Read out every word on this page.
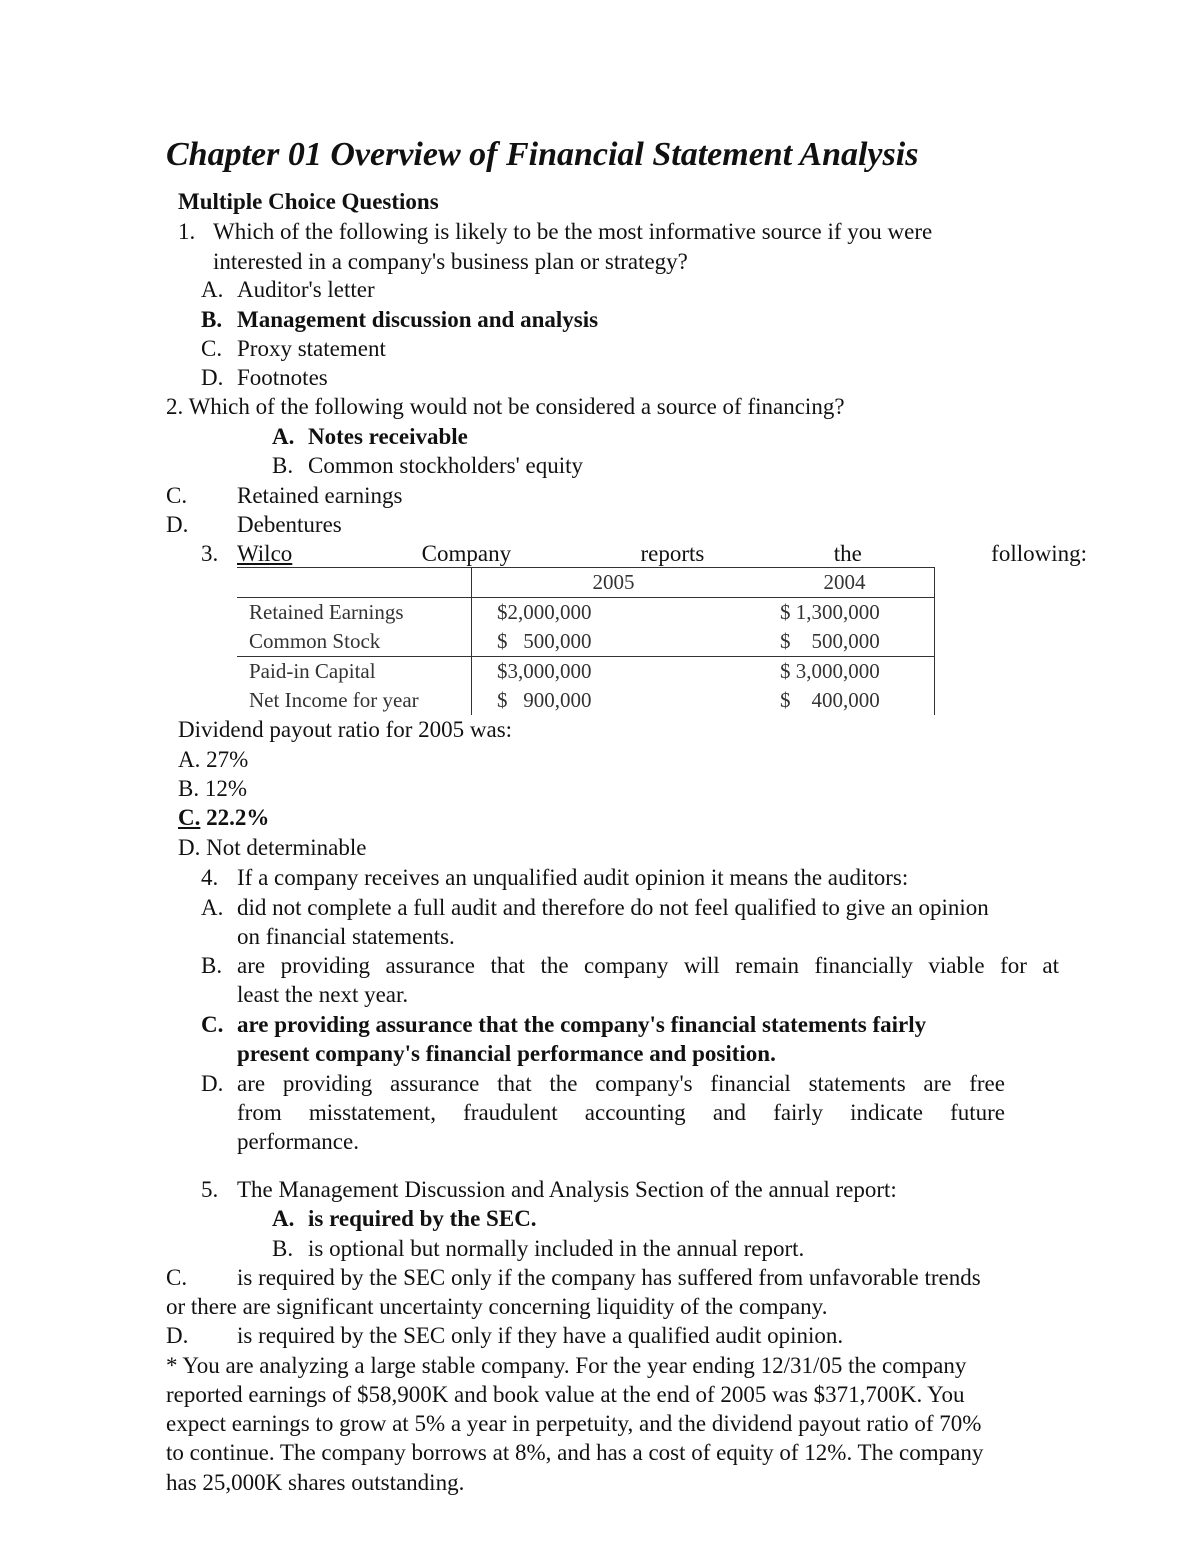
Chapter 01 Overview of Financial Statement Analysis
Multiple Choice Questions
1. Which of the following is likely to be the most informative source if you were
interested in a company's business plan or strategy?
A. Auditor's letter
B. Management discussion and analysis
C. Proxy statement
D. Footnotes
2. Which of the following would not be considered a source of financing?
A. Notes receivable
B. Common stockholders' equity
C. Retained earnings
D. Debentures
3. Wilco	Company	reports	the	following:
	2005	2004
Retained Earnings	$2,000,000	$ 1,300,000
Common Stock	$   500,000	$    500,000
Paid-in Capital	$3,000,000	$ 3,000,000
Net Income for year	$   900,000	$    400,000
Dividend payout ratio for 2005 was:
A. 27%
B. 12%
C. 22.2%
D. Not determinable
4. If a company receives an unqualified audit opinion it means the auditors:
A. did not complete a full audit and therefore do not feel qualified to give an opinion
on financial statements.
B. are providing assurance that the company will remain financially viable for at
least the next year.
C. are providing assurance that the company's financial statements fairly
present company's financial performance and position.
D. are providing assurance that the company's financial statements are free
from misstatement, fraudulent accounting and fairly indicate future
performance.
5. The Management Discussion and Analysis Section of the annual report:
A. is required by the SEC.
B. is optional but normally included in the annual report.
C. is required by the SEC only if the company has suffered from unfavorable trends
or there are significant uncertainty concerning liquidity of the company.
D. is required by the SEC only if they have a qualified audit opinion.
* You are analyzing a large stable company. For the year ending 12/31/05 the company
reported earnings of $58,900K and book value at the end of 2005 was $371,700K. You
expect earnings to grow at 5% a year in perpetuity, and the dividend payout ratio of 70%
to continue. The company borrows at 8%, and has a cost of equity of 12%. The company
has 25,000K shares outstanding.
